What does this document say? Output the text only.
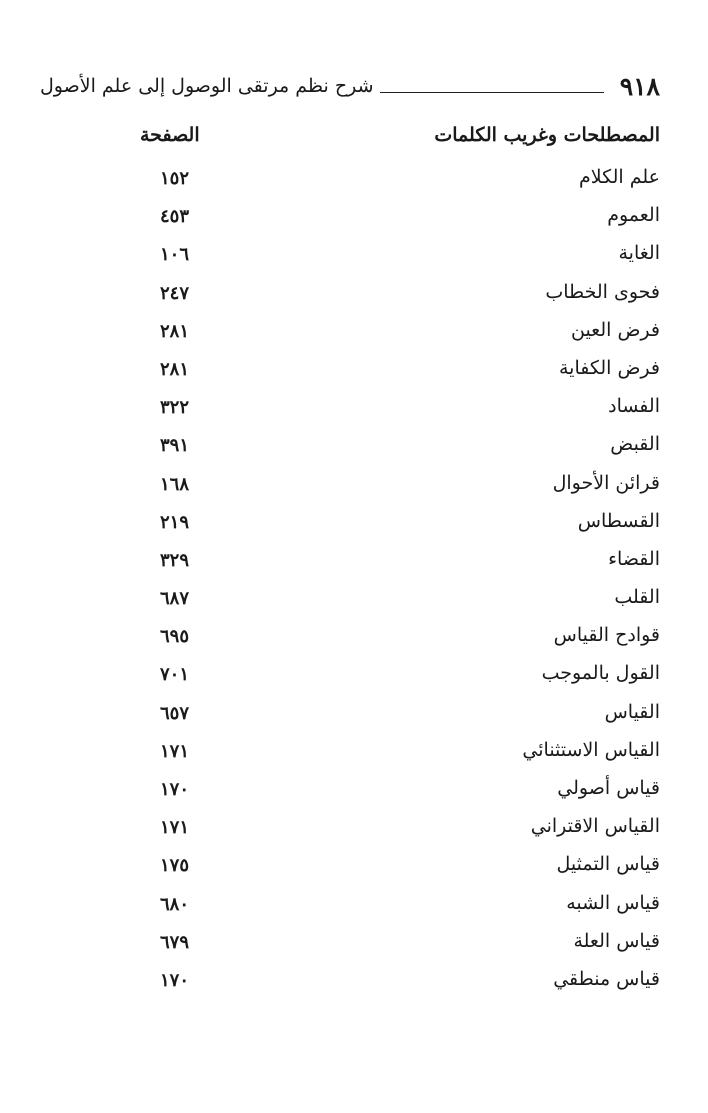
٩١٨
شرح نظم مرتقى الوصول إلى علم الأصول
المصطلحات وغريب الكلمات
الصفحة
علم الكلام
١٥٢
العموم
٤٥٣
الغاية
١٠٦
فحوى الخطاب
٢٤٧
فرض العين
٢٨١
فرض الكفاية
٢٨١
الفساد
٣٢٢
القبض
٣٩١
قرائن الأحوال
١٦٨
القسطاس
٢١٩
القضاء
٣٢٩
القلب
٦٨٧
قوادح القياس
٦٩٥
القول بالموجب
٧٠١
القياس
٦٥٧
القياس الاستثنائي
١٧١
قياس أصولي
١٧٠
القياس الاقتراني
١٧١
قياس التمثيل
١٧٥
قياس الشبه
٦٨٠
قياس العلة
٦٧٩
قياس منطقي
١٧٠
